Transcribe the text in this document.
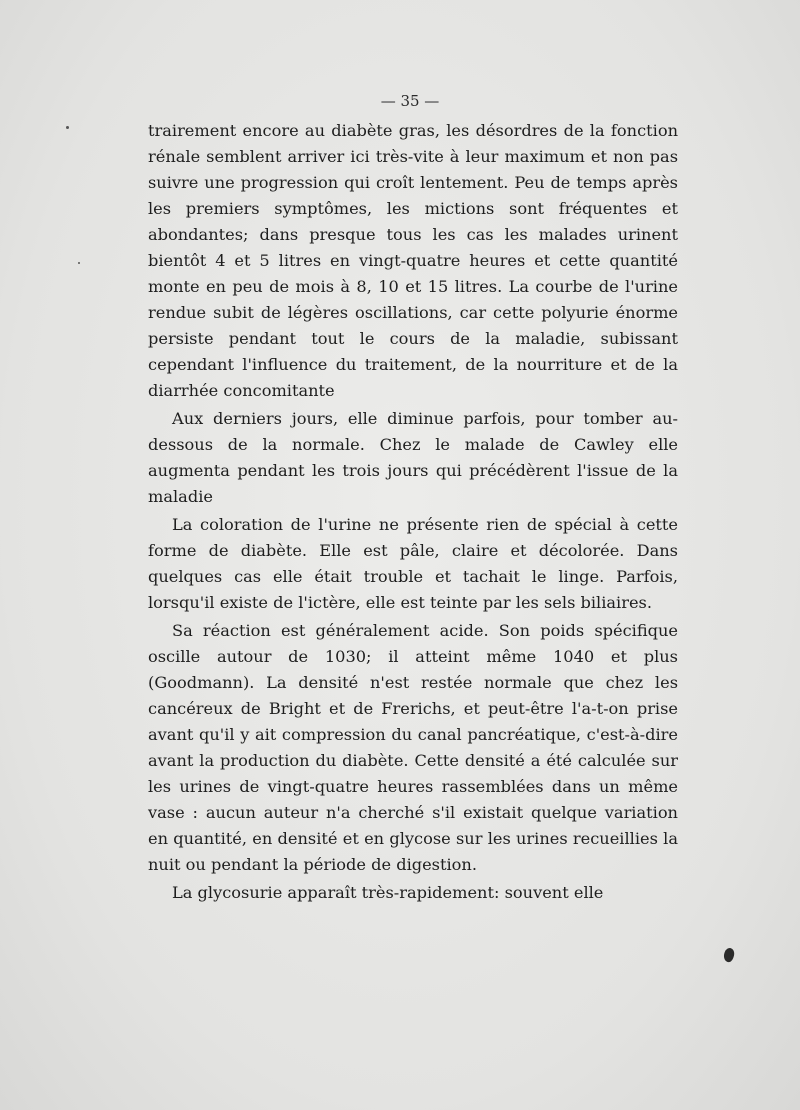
— 35 —

trairement encore au diabète gras, les désordres de la fonction rénale semblent arriver ici très-vite à leur maximum et non pas suivre une progression qui croît lentement. Peu de temps après les premiers symptômes, les mictions sont fréquentes et abondantes; dans presque tous les cas les malades urinent bientôt 4 et 5 litres en vingt-quatre heures et cette quantité monte en peu de mois à 8, 10 et 15 litres. La courbe de l'urine rendue subit de légères oscillations, car cette polyurie énorme persiste pendant tout le cours de la maladie, subissant cependant l'influence du traitement, de la nourriture et de la diarrhée concomitante

Aux derniers jours, elle diminue parfois, pour tomber au-dessous de la normale. Chez le malade de Cawley elle augmenta pendant les trois jours qui précédèrent l'issue de la maladie

La coloration de l'urine ne présente rien de spécial à cette forme de diabète. Elle est pâle, claire et décolorée. Dans quelques cas elle était trouble et tachait le linge. Parfois, lorsqu'il existe de l'ictère, elle est teinte par les sels biliaires.

Sa réaction est généralement acide. Son poids spécifique oscille autour de 1030; il atteint même 1040 et plus (Goodmann). La densité n'est restée normale que chez les cancéreux de Bright et de Frerichs, et peut-être l'a-t-on prise avant qu'il y ait compression du canal pancréatique, c'est-à-dire avant la production du diabète. Cette densité a été calculée sur les urines de vingt-quatre heures rassemblées dans un même vase : aucun auteur n'a cherché s'il existait quelque variation en quantité, en densité et en glycose sur les urines recueillies la nuit ou pendant la période de digestion.

La glycosurie apparaît très-rapidement: souvent elle
